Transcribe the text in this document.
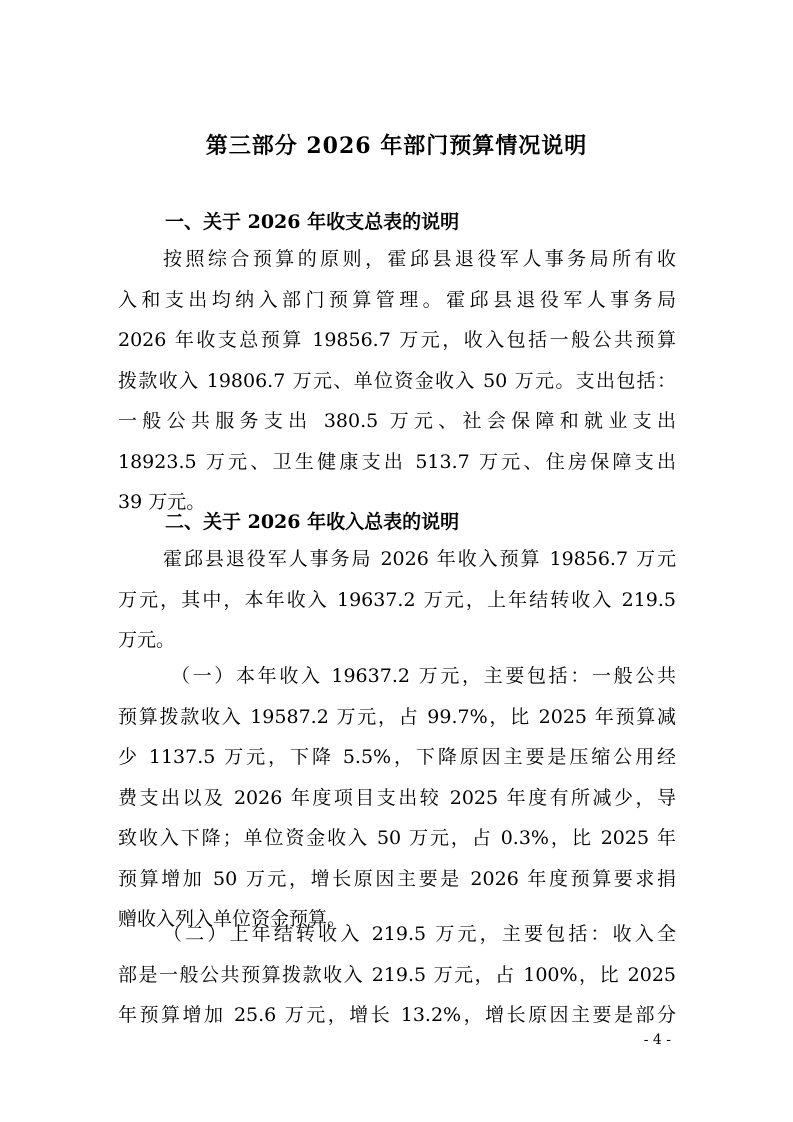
第三部分 2026 年部门预算情况说明
一、关于 2026 年收支总表的说明
按照综合预算的原则，霍邱县退役军人事务局所有收
入和支出均纳入部门预算管理。霍邱县退役军人事务局
2026 年收支总预算 19856.7 万元，收入包括一般公共预算
拨款收入 19806.7 万元、单位资金收入 50 万元。支出包括：
一般公共服务支出 380.5 万元、社会保障和就业支出
18923.5 万元、卫生健康支出 513.7 万元、住房保障支出
39 万元。
二、关于 2026 年收入总表的说明
霍邱县退役军人事务局 2026 年收入预算 19856.7 万元
万元，其中，本年收入 19637.2 万元，上年结转收入 219.5
万元。
（一）本年收入 19637.2 万元，主要包括：一般公共
预算拨款收入 19587.2 万元，占 99.7%，比 2025 年预算减
少 1137.5 万元，下降 5.5%，下降原因主要是压缩公用经
费支出以及 2026 年度项目支出较 2025 年度有所减少，导
致收入下降；单位资金收入 50 万元，占 0.3%，比 2025 年
预算增加 50 万元，增长原因主要是 2026 年度预算要求捐
赠收入列入单位资金预算。
（二）上年结转收入 219.5 万元，主要包括：收入全
部是一般公共预算拨款收入 219.5 万元，占 100%，比 2025
年预算增加 25.6 万元，增长 13.2%，增长原因主要是部分
- 4 -
